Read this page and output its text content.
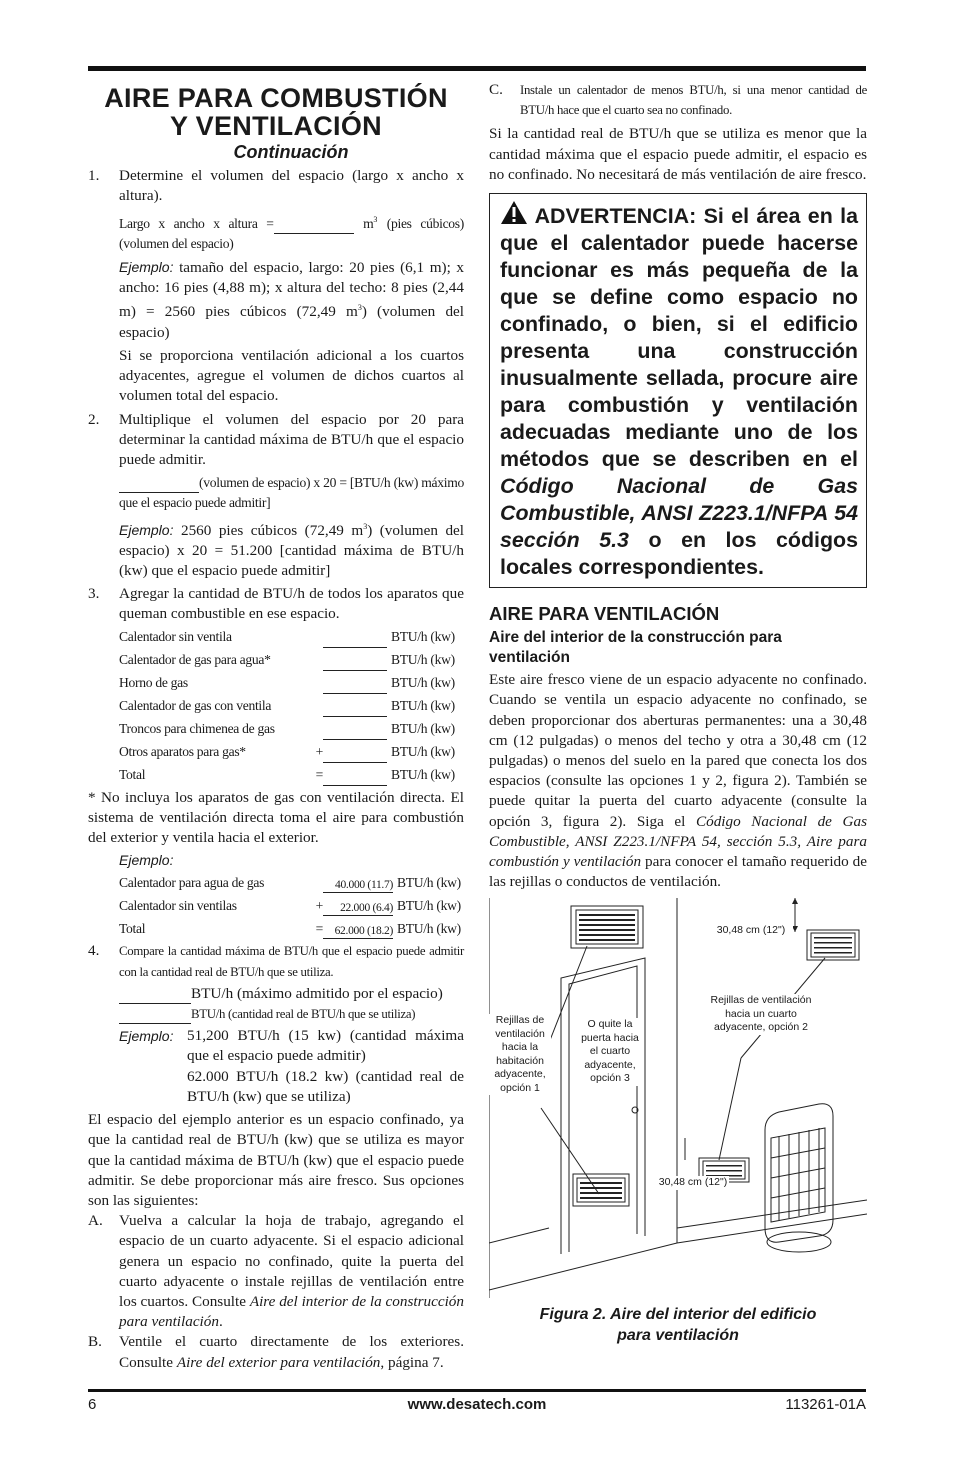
AIRE PARA COMBUSTIÓN
Y VENTILACIÓN
Continuación
1.	Determine el volumen del espacio (largo x ancho x altura).

Largo x ancho x altura =	$m^3$ (pies cúbicos) (volumen del espacio)

Ejemplo: tamaño del espacio, largo: 20 pies (6,1 m); x ancho: 16 pies (4,88 m); x altura del techo: 8 pies (2,44 m) = 2560 pies cúbicos (72,49 $m^3$) (volumen del espacio)

Si se proporciona ventilación adicional a los cuartos adyacentes, agregue el volumen de dichos cuartos al volumen total del espacio.

2.	Multiplique el volumen del espacio por 20 para determinar la cantidad máxima de BTU/h que el espacio puede admitir.

(volumen de espacio) x 20 = [BTU/h (kw) máximo que el espacio puede admitir]

Ejemplo: 2560 pies cúbicos (72,49 $m^3$) (volumen del espacio) x 20 = 51.200 [cantidad máxima de BTU/h (kw) que el espacio puede admitir]

3.	Agregar la cantidad de BTU/h de todos los aparatos que queman combustible en ese espacio.

Calentador sin ventila	BTU/h (kw)
Calentador de gas para agua*	BTU/h (kw)
Horno de gas	BTU/h (kw)
Calentador de gas con ventila	BTU/h (kw)
Troncos para chimenea de gas	BTU/h (kw)
Otros aparatos para gas*	+	BTU/h (kw)
Total	=	BTU/h (kw)

* No incluya los aparatos de gas con ventilación directa. El sistema de ventilación directa toma el aire para combustión del exterior y ventila hacia el exterior.

Ejemplo:

Calentador para agua de gas	40.000 (11.7) BTU/h (kw)
Calentador sin ventilas	+	22.000 (6.4) BTU/h (kw)
Total	=	62.000 (18.2) BTU/h (kw)
4.	Compare la cantidad máxima de BTU/h que el espacio puede admitir con la cantidad real de BTU/h que se utiliza.

BTU/h (máximo admitido por el espacio)

BTU/h (cantidad real de BTU/h que se utiliza)

Ejemplo: 51,200 BTU/h (15 kw) (cantidad máxima que el espacio puede admitir)

62.000 BTU/h (18.2 kw) (cantidad real de BTU/h (kw) que se utiliza)

El espacio del ejemplo anterior es un espacio confinado, ya que la cantidad real de BTU/h (kw) que se utiliza es mayor que la cantidad máxima de BTU/h (kw) que el espacio puede admitir. Se debe proporcionar más aire fresco. Sus opciones son las siguientes:

A.	Vuelva a calcular la hoja de trabajo, agregando el espacio de un cuarto adyacente. Si el espacio adicional genera un espacio no confinado, quite la puerta del cuarto adyacente o instale rejillas de ventilación entre los cuartos. Consulte Aire del interior de la construcción para ventilación.
B.	Ventile el cuarto directamente de los exteriores. Consulte Aire del exterior para ventilación, página 7.
C.	Instale un calentador de menos BTU/h, si una menor cantidad de BTU/h hace que el cuarto sea no confinado.

Si la cantidad real de BTU/h que se utiliza es menor que la cantidad máxima que el espacio puede admitir, el espacio es no confinado. No necesitará de más ventilación de aire fresco.

ADVERTENCIA: Si el área en la que el calentador puede hacerse funcionar es más pequeña de la que se define como espacio no confinado, o bien, si el edificio presenta una construcción inusualmente sellada, procure aire para combustión y ventilación adecuadas mediante uno de los métodos que se describen en el Código Nacional de Gas Combustible, ANSI Z223.1/NFPA 54 sección 5.3 o en los códigos locales correspondientes.
AIRE PARA VENTILACIÓN
Aire del interior de la construcción para ventilación

Este aire fresco viene de un espacio adyacente no confinado. Cuando se ventila un espacio adyacente no confinado, se deben proporcionar dos aberturas permanentes: una a 30,48 cm (12 pulgadas) o menos del techo y otra a 30,48 cm (12 pulgadas) o menos del suelo en la pared que conecta los dos espacios (consulte las opciones 1 y 2, figura 2). También se puede quitar la puerta del cuarto adyacente (consulte la opción 3, figura 2). Siga el Código Nacional de Gas Combustible, ANSI Z223.1/NFPA 54, sección 5.3, Aire para combustión y ventilación para conocer el tamaño requerido de las rejillas o conductos de ventilación.

Rejillas de ventilación hacia la habitación adyacente, opción 1
O quite la puerta hacia el cuarto adyacente, opción 3
Rejillas de ventilación hacia un cuarto adyacente, opción 2
30,48 cm (12")
30,48 cm (12")
Figura 2. Aire del interior del edificio
para ventilación
6	www.desatech.com	113261-01A
